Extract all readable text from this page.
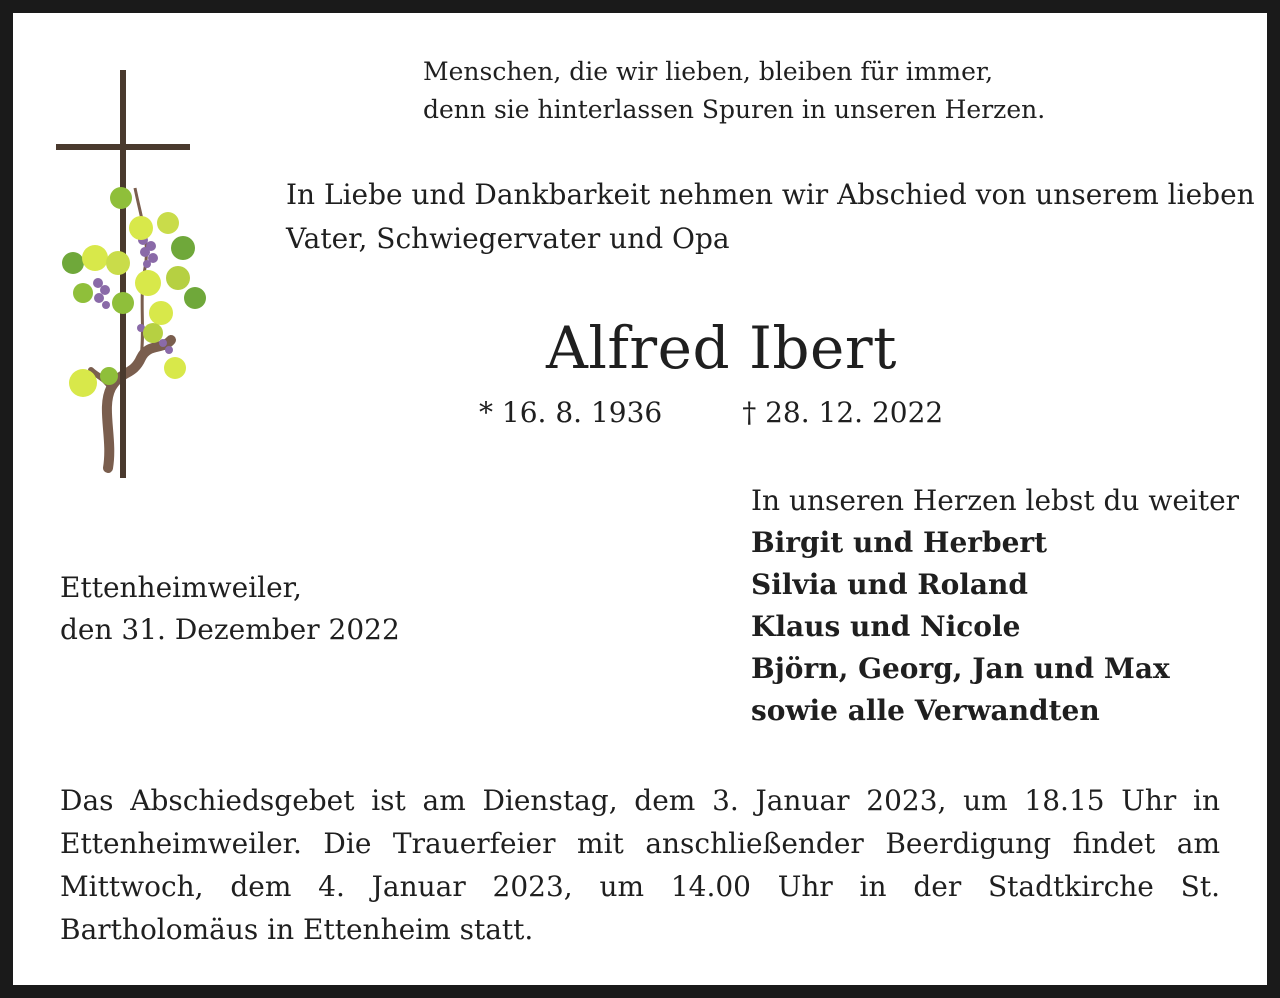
Menschen, die wir lieben, bleiben für immer,
denn sie hinterlassen Spuren in unseren Herzen.
In Liebe und Dankbarkeit nehmen wir Abschied von unserem lieben
Vater, Schwiegervater und Opa
Alfred Ibert
* 16. 8. 1936	† 28. 12. 2022
Ettenheimweiler,
den 31. Dezember 2022
In unseren Herzen lebst du weiter
Birgit und Herbert
Silvia und Roland
Klaus und Nicole
Björn, Georg, Jan und Max
sowie alle Verwandten
Das Abschiedsgebet ist am Dienstag, dem 3. Januar 2023, um 18.15 Uhr in Ettenheimweiler. Die Trauerfeier mit anschließender Beerdigung findet am Mittwoch, dem 4. Januar 2023, um 14.00 Uhr in der Stadtkirche St. Bartholomäus in Ettenheim statt.
